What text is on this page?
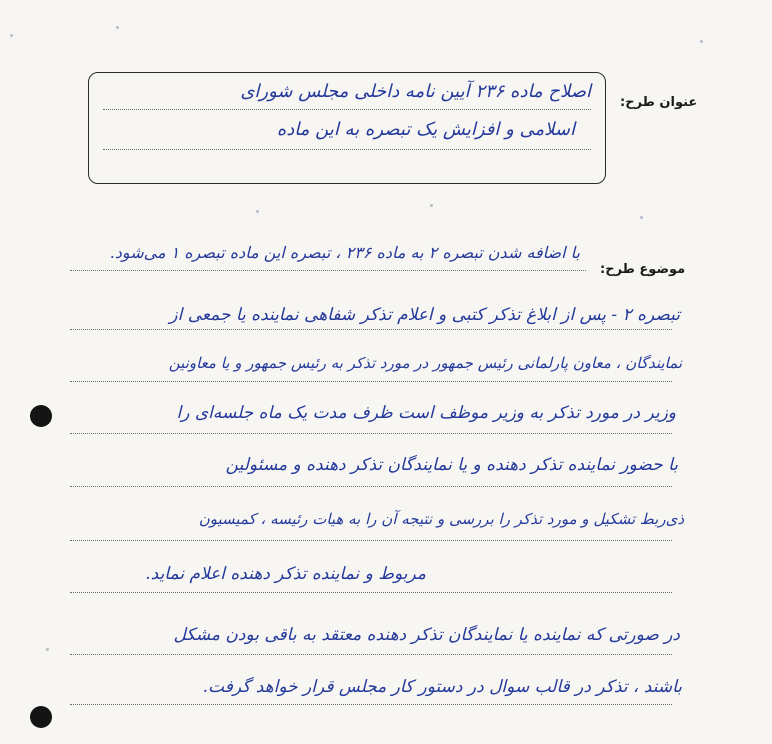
اصلاح ماده ۲۳۶ آیین نامه داخلی مجلس شورای
اسلامی و افزایش یک تبصره به این ماده
عنوان طرح:
موضوع طرح:
با اضافه شدن تبصره ۲ به ماده ۲۳۶ ، تبصره این ماده تبصره ۱ می‌شود.
تبصره ۲ - پس از ابلاغ تذکر کتبی و اعلام تذکر شفاهی نماینده یا جمعی از
نمایندگان ، معاون پارلمانی رئیس جمهور در مورد تذکر به رئیس جمهور و یا معاونین
وزیر در مورد تذکر به وزیر موظف است ظرف مدت یک ماه جلسه‌ای را
با حضور نماینده تذکر دهنده و یا نمایندگان تذکر دهنده و مسئولین
ذی‌ربط تشکیل و مورد تذکر را بررسی و نتیجه آن را به هیات رئیسه ، کمیسیون
مربوط و نماینده تذکر دهنده اعلام نماید.
در صورتی که نماینده یا نمایندگان تذکر دهنده معتقد به باقی بودن مشکل
باشند ، تذکر در قالب سوال در دستور کار مجلس قرار خواهد گرفت.
